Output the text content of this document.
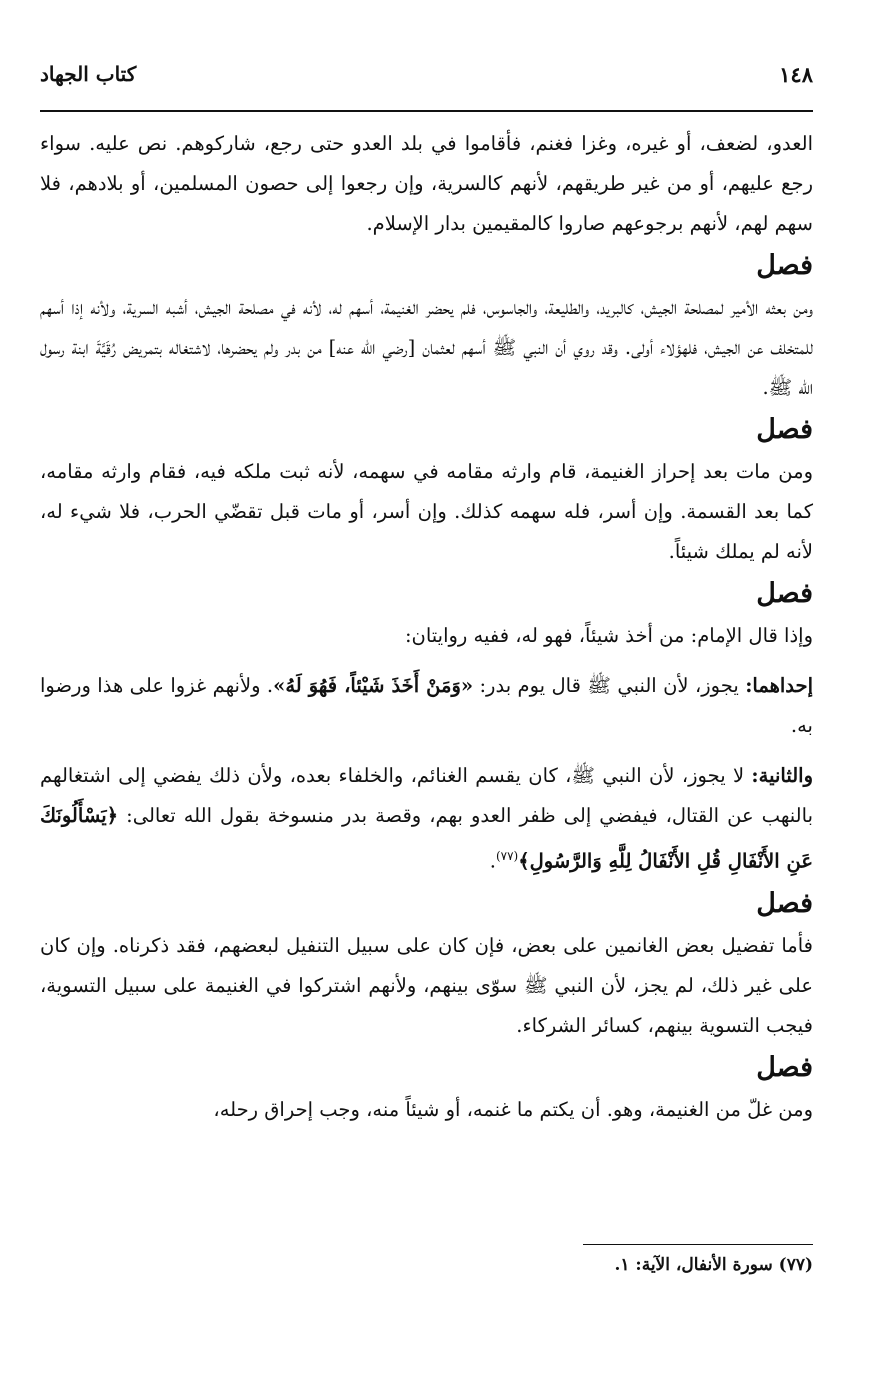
١٤٨
كتاب الجهاد

العدو، لضعف، أو غيره، وغزا فغنم، فأقاموا في بلد العدو حتى رجع، شاركوهم. نص عليه. سواء رجع عليهم، أو من غير طريقهم، لأنهم كالسرية، وإن رجعوا إلى حصون المسلمين، أو بلادهم، فلا سهم لهم، لأنهم برجوعهم صاروا كالمقيمين بدار الإسلام.

فصل

ومن بعثه الأمير لمصلحة الجيش، كالبريد، والطليعة، والجاسوس، فلم يحضر الغنيمة، أسهم له، لأنه في مصلحة الجيش، أشبه السرية، ولأنه إذا أسهم للمتخلف عن الجيش، فلهؤلاء أولى. وقد روي أن النبي ﷺ أسهم لعثمان [رضي الله عنه] من بدر ولم يحضرها، لاشتغاله بتمريض رُقَيَّةَ ابنة رسول الله ﷺ.

فصل

ومن مات بعد إحراز الغنيمة، قام وارثه مقامه في سهمه، لأنه ثبت ملكه فيه، فقام وارثه مقامه، كما بعد القسمة. وإن أسر، فله سهمه كذلك. وإن أسر، أو مات قبل تقضّي الحرب، فلا شيء له، لأنه لم يملك شيئاً.

فصل

وإذا قال الإمام: من أخذ شيئاً، فهو له، ففيه روايتان:

إحداهما: يجوز، لأن النبي ﷺ قال يوم بدر: «وَمَنْ أَخَذَ شَيْئاً، فَهُوَ لَهُ». ولأنهم غزوا على هذا ورضوا به.

والثانية: لا يجوز، لأن النبي ﷺ، كان يقسم الغنائم، والخلفاء بعده، ولأن ذلك يفضي إلى اشتغالهم بالنهب عن القتال، فيفضي إلى ظفر العدو بهم، وقصة بدر منسوخة بقول الله تعالى: ﴿يَسْأَلُونَكَ عَنِ الأَنْفَالِ قُلِ الأَنْفَالُ لِلَّهِ وَالرَّسُولِ﴾$^{(٧٧)}$.

فصل

فأما تفضيل بعض الغانمين على بعض، فإن كان على سبيل التنفيل لبعضهم، فقد ذكرناه. وإن كان على غير ذلك، لم يجز، لأن النبي ﷺ سوّى بينهم، ولأنهم اشتركوا في الغنيمة على سبيل التسوية، فيجب التسوية بينهم، كسائر الشركاء.

فصل

ومن غلّ من الغنيمة، وهو. أن يكتم ما غنمه، أو شيئاً منه، وجب إحراق رحله،

(٧٧) سورة الأنفال، الآية: ١.
